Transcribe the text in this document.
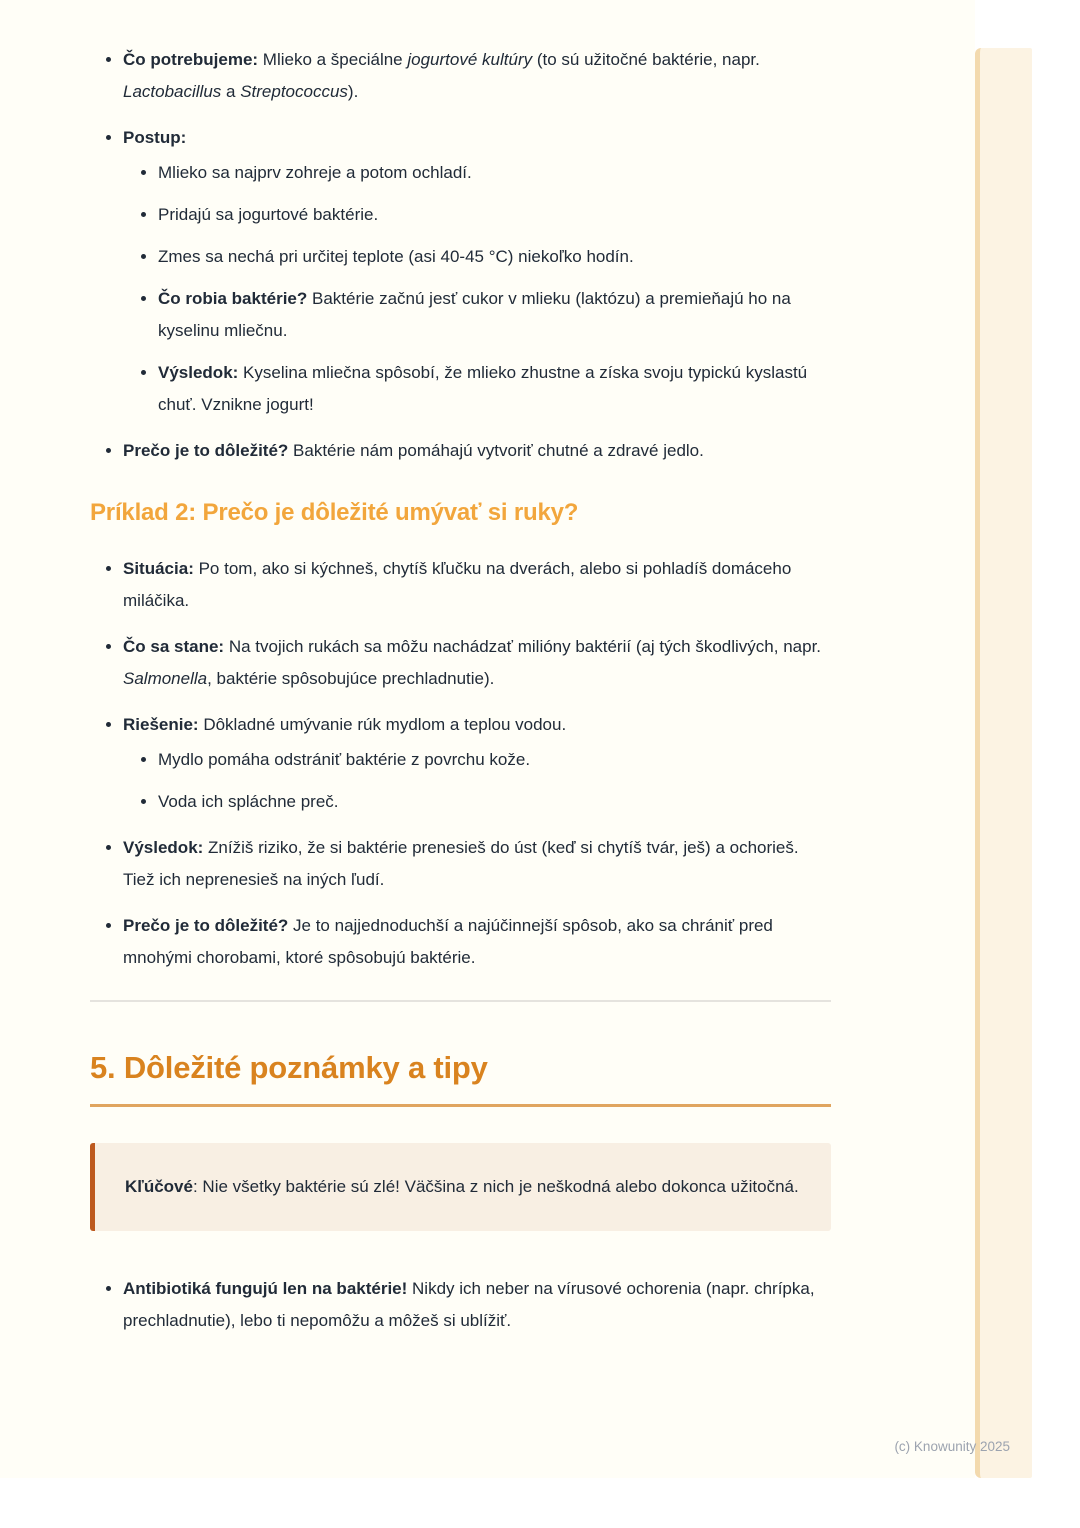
• Čo potrebujeme: Mlieko a špeciálne jogurtové kultúry (to sú užitočné baktérie, napr. Lactobacillus a Streptococcus).
• Postup:
• Mlieko sa najprv zohreje a potom ochladí.
• Pridajú sa jogurtové baktérie.
• Zmes sa nechá pri určitej teplote (asi 40-45 °C) niekoľko hodín.
• Čo robia baktérie? Baktérie začnú jesť cukor v mlieku (laktózu) a premieňajú ho na kyselinu mliečnu.
• Výsledok: Kyselina mliečna spôsobí, že mlieko zhustne a získa svoju typickú kyslastú chuť. Vznikne jogurt!
• Prečo je to dôležité? Baktérie nám pomáhajú vytvoriť chutné a zdravé jedlo.
Príklad 2: Prečo je dôležité umývať si ruky?
• Situácia: Po tom, ako si kýchneš, chytíš kľučku na dverách, alebo si pohladíš domáceho miláčika.
• Čo sa stane: Na tvojich rukách sa môžu nachádzať milióny baktérií (aj tých škodlivých, napr. Salmonella, baktérie spôsobujúce prechladnutie).
• Riešenie: Dôkladné umývanie rúk mydlom a teplou vodou.
• Mydlo pomáha odstrániť baktérie z povrchu kože.
• Voda ich spláchne preč.
• Výsledok: Znížiš riziko, že si baktérie prenesieš do úst (keď si chytíš tvár, ješ) a ochorieš. Tiež ich neprenesieš na iných ľudí.
• Prečo je to dôležité? Je to najjednoduchší a najúčinnejší spôsob, ako sa chrániť pred mnohými chorobami, ktoré spôsobujú baktérie.
5. Dôležité poznámky a tipy
Kľúčové: Nie všetky baktérie sú zlé! Väčšina z nich je neškodná alebo dokonca užitočná.
• Antibiotiká fungujú len na baktérie! Nikdy ich neber na vírusové ochorenia (napr. chrípka, prechladnutie), lebo ti nepomôžu a môžeš si ublížiť.
(c) Knowunity 2025
